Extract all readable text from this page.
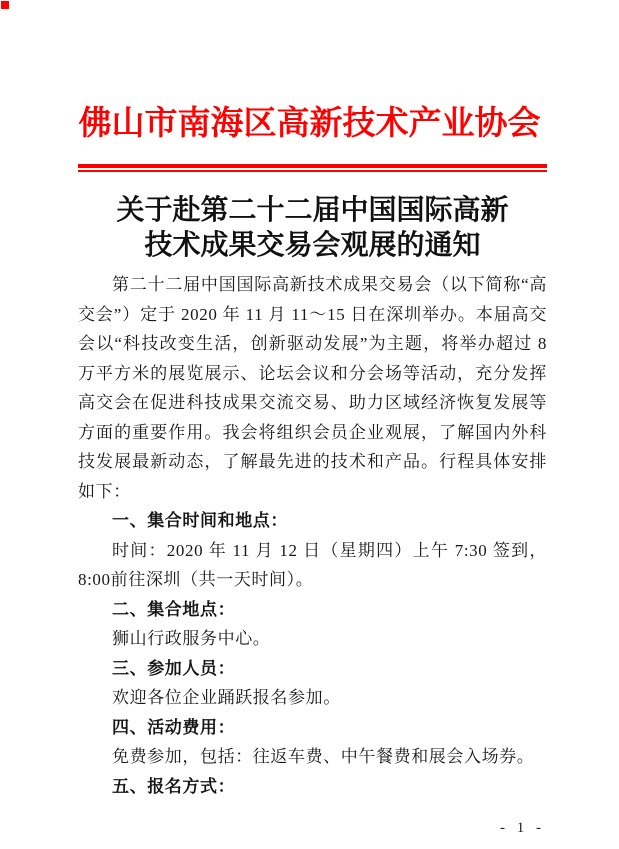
佛山市南海区高新技术产业协会
关于赴第二十二届中国国际高新
技术成果交易会观展的通知

第二十二届中国国际高新技术成果交易会（以下简称“高交会”）定于 2020 年 11 月 11～15 日在深圳举办。本届高交会以“科技改变生活，创新驱动发展”为主题，将举办超过 8 万平方米的展览展示、论坛会议和分会场等活动，充分发挥高交会在促进科技成果交流交易、助力区域经济恢复发展等方面的重要作用。我会将组织会员企业观展，了解国内外科技发展最新动态，了解最先进的技术和产品。行程具体安排如下：

一、集合时间和地点：

时间：2020 年 11 月 12 日（星期四）上午 7:30 签到，8:00前往深圳（共一天时间）。

二、集合地点：

狮山行政服务中心。

三、参加人员：

欢迎各位企业踊跃报名参加。

四、活动费用：

免费参加，包括：往返车费、中午餐费和展会入场券。

五、报名方式：

- 1 -
